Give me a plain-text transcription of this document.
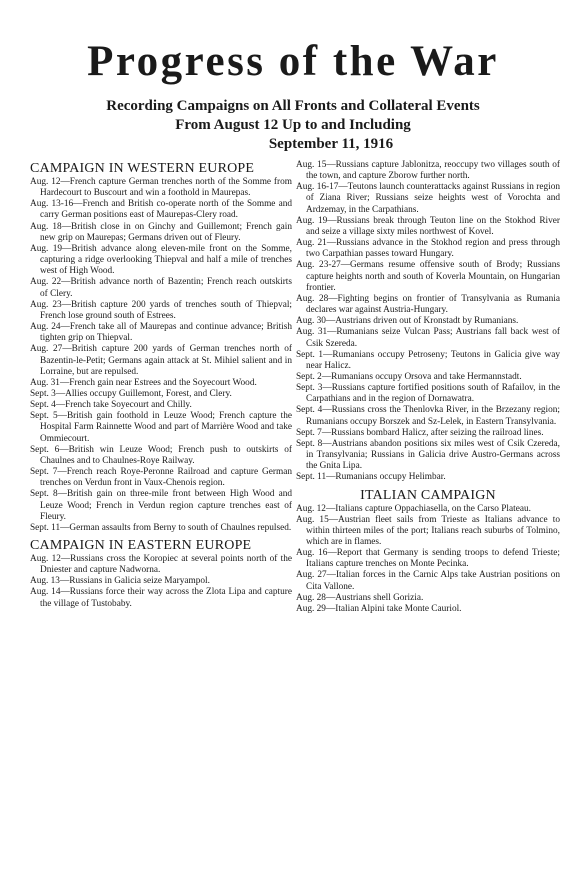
Progress of the War

Recording Campaigns on All Fronts and Collateral Events

From August 12 Up to and Including

September 11, 1916

CAMPAIGN IN WESTERN EUROPE

Aug. 12—French capture German trenches north of the Somme from Hardecourt to Buscourt and win a foothold in Maurepas.

Aug. 13-16—French and British co-operate north of the Somme and carry German positions east of Maurepas-Clery road.

Aug. 18—British close in on Ginchy and Guillemont; French gain new grip on Maurepas; Germans driven out of Fleury.

Aug. 19—British advance along eleven-mile front on the Somme, capturing a ridge overlooking Thiepval and half a mile of trenches west of High Wood.

Aug. 22—British advance north of Bazentin; French reach outskirts of Clery.

Aug. 23—British capture 200 yards of trenches south of Thiepval; French lose ground south of Estrees.

Aug. 24—French take all of Maurepas and continue advance; British tighten grip on Thiepval.

Aug. 27—British capture 200 yards of German trenches north of Bazentin-le-Petit; Germans again attack at St. Mihiel salient and in Lorraine, but are repulsed.

Aug. 31—French gain near Estrees and the Soyecourt Wood.

Sept. 3—Allies occupy Guillemont, Forest, and Clery.

Sept. 4—French take Soyecourt and Chilly.

Sept. 5—British gain foothold in Leuze Wood; French capture the Hospital Farm Rainnette Wood and part of Marrière Wood and take Ommiecourt.

Sept. 6—British win Leuze Wood; French push to outskirts of Chaulnes and to Chaulnes-Roye Railway.

Sept. 7—French reach Roye-Peronne Railroad and capture German trenches on Verdun front in Vaux-Chenois region.

Sept. 8—British gain on three-mile front between High Wood and Leuze Wood; French in Verdun region capture trenches east of Fleury.

Sept. 11—German assaults from Berny to south of Chaulnes repulsed.

CAMPAIGN IN EASTERN EUROPE

Aug. 12—Russians cross the Koropiec at several points north of the Dniester and capture Nadworna.

Aug. 13—Russians in Galicia seize Maryampol.

Aug. 14—Russians force their way across the Zlota Lipa and capture the village of Tustobaby.

Aug. 15—Russians capture Jablonitza, reoccupy two villages south of the town, and capture Zborow further north.

Aug. 16-17—Teutons launch counterattacks against Russians in region of Ziana River; Russians seize heights west of Vorochta and Ardzemay, in the Carpathians.

Aug. 19—Russians break through Teuton line on the Stokhod River and seize a village sixty miles northwest of Kovel.

Aug. 21—Russians advance in the Stokhod region and press through two Carpathian passes toward Hungary.

Aug. 23-27—Germans resume offensive south of Brody; Russians capture heights north and south of Koverla Mountain, on Hungarian frontier.

Aug. 28—Fighting begins on frontier of Transylvania as Rumania declares war against Austria-Hungary.

Aug. 30—Austrians driven out of Kronstadt by Rumanians.

Aug. 31—Rumanians seize Vulcan Pass; Austrians fall back west of Csik Szereda.

Sept. 1—Rumanians occupy Petroseny; Teutons in Galicia give way near Halicz.

Sept. 2—Rumanians occupy Orsova and take Hermannstadt.

Sept. 3—Russians capture fortified positions south of Rafailov, in the Carpathians and in the region of Dornawatra.

Sept. 4—Russians cross the Thenlovka River, in the Brzezany region; Rumanians occupy Borszek and Sz-Lelek, in Eastern Transylvania.

Sept. 7—Russians bombard Halicz, after seizing the railroad lines.

Sept. 8—Austrians abandon positions six miles west of Csik Czereda, in Transylvania; Russians in Galicia drive Austro-Germans across the Gnita Lipa.

Sept. 11—Rumanians occupy Helimbar.

ITALIAN CAMPAIGN

Aug. 12—Italians capture Oppachiasella, on the Carso Plateau.

Aug. 15—Austrian fleet sails from Trieste as Italians advance to within thirteen miles of the port; Italians reach suburbs of Tolmino, which are in flames.

Aug. 16—Report that Germany is sending troops to defend Trieste; Italians capture trenches on Monte Pecinka.

Aug. 27—Italian forces in the Carnic Alps take Austrian positions on Cita Vallone.

Aug. 28—Austrians shell Gorizia.

Aug. 29—Italian Alpini take Monte Cauriol.
